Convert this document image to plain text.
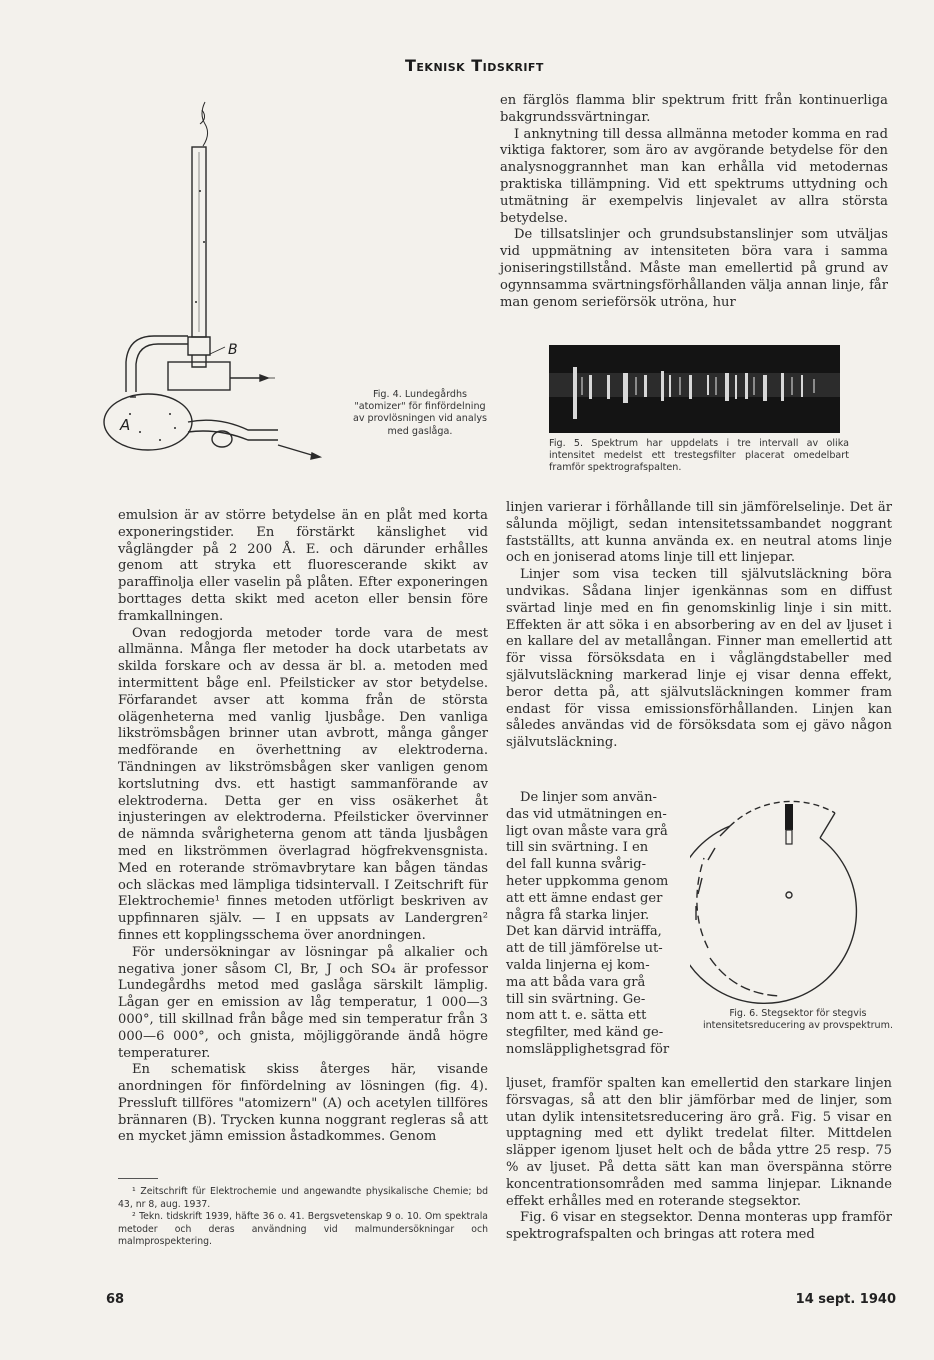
Teknisk Tidskrift

en färglös flamma blir spektrum fritt från kontinuerliga bakgrundssvärtningar.

I anknytning till dessa allmänna metoder komma en rad viktiga faktorer, som äro av avgörande betydelse för den analysnoggrannhet man kan erhålla vid metodernas praktiska tillämpning. Vid ett spektrums uttydning och utmätning är exempelvis linjevalet av allra största betydelse.

De tillsatslinjer och grundsubstanslinjer som utväljas vid uppmätning av intensiteten böra vara i samma joniseringstillstånd. Måste man emellertid på grund av ogynnsamma svärtningsförhållanden välja annan linje, får man genom serieförsök utröna, hur

B
A
Fig. 4. Lundegårdhs "atomizer" för finfördelning av provlösningen vid analys med gaslåga.
Fig. 5. Spektrum har uppdelats i tre intervall av olika intensitet medelst ett trestegsfilter placerat omedelbart framför spektrografspalten.

emulsion är av större betydelse än en plåt med korta exponeringstider. En förstärkt känslighet vid våglängder på 2 200 Å. E. och därunder erhålles genom att stryka ett fluorescerande skikt av paraffinolja eller vaselin på plåten. Efter exponeringen borttages detta skikt med aceton eller bensin före framkallningen.

Ovan redogjorda metoder torde vara de mest allmänna. Många fler metoder ha dock utarbetats av skilda forskare och av dessa är bl. a. metoden med intermittent båge enl. Pfeilsticker av stor betydelse. Förfarandet avser att komma från de största olägenheterna med vanlig ljusbåge. Den vanliga likströmsbågen brinner utan avbrott, många gånger medförande en överhettning av elektroderna. Tändningen av likströmsbågen sker vanligen genom kortslutning dvs. ett hastigt sammanförande av elektroderna. Detta ger en viss osäkerhet åt injusteringen av elektroderna. Pfeilsticker övervinner de nämnda svårigheterna genom att tända ljusbågen med en likströmmen överlagrad högfrekvensgnista. Med en roterande strömavbrytare kan bågen tändas och släckas med lämpliga tidsintervall. I Zeitschrift für Elektrochemie¹ finnes metoden utförligt beskriven av uppfinnaren själv. — I en uppsats av Landergren² finnes ett kopplingsschema över anordningen.

För undersökningar av lösningar på alkalier och negativa joner såsom Cl, Br, J och SO₄ är professor Lundegårdhs metod med gaslåga särskilt lämplig. Lågan ger en emission av låg temperatur, 1 000—3 000°, till skillnad från båge med sin temperatur från 3 000—6 000°, och gnista, möjliggörande ändå högre temperaturer.

En schematisk skiss återges här, visande anordningen för finfördelning av lösningen (fig. 4). Pressluft tillföres "atomizern" (A) och acetylen tillföres brännaren (B). Trycken kunna noggrant regleras så att en mycket jämn emission åstadkommes. Genom

¹ Zeitschrift für Elektrochemie und angewandte physikalische Chemie; bd 43, nr 8, aug. 1937.

² Tekn. tidskrift 1939, häfte 36 o. 41. Bergsvetenskap 9 o. 10. Om spektrala metoder och deras användning vid malmundersökningar och malmprospektering.

linjen varierar i förhållande till sin jämförelselinje. Det är sålunda möjligt, sedan intensitetssambandet noggrant fastställts, att kunna använda ex. en neutral atoms linje och en joniserad atoms linje till ett linjepar.

Linjer som visa tecken till självutsläckning böra undvikas. Sådana linjer igenkännas som en diffust svärtad linje med en fin genomskinlig linje i sin mitt. Effekten är att söka i en absorbering av en del av ljuset i en kallare del av metallångan. Finner man emellertid att för vissa försöksdata en i våglängdstabeller med självutsläckning markerad linje ej visar denna effekt, beror detta på, att självutsläckningen kommer fram endast för vissa emissionsförhållanden. Linjen kan således användas vid de försöksdata som ej gävo någon självutsläckning.

De linjer som använ-
das vid utmätningen en-
ligt ovan måste vara grå
till sin svärtning. I en
del fall kunna svårig-
heter uppkomma genom
att ett ämne endast ger
några få starka linjer.
Det kan därvid inträffa,
att de till jämförelse ut-
valda linjerna ej kom-
ma att båda vara grå
till sin svärtning. Ge-
nom att t. e. sätta ett
stegfilter, med känd ge-
nomsläpplighetsgrad för
Fig. 6. Stegsektor för stegvis intensitetsreducering av provspektrum.

ljuset, framför spalten kan emellertid den starkare linjen försvagas, så att den blir jämförbar med de linjer, som utan dylik intensitetsreducering äro grå. Fig. 5 visar en upptagning med ett dylikt tredelat filter. Mittdelen släpper igenom ljuset helt och de båda yttre 25 resp. 75 % av ljuset. På detta sätt kan man överspänna större koncentrationsområden med samma linjepar. Liknande effekt erhålles med en roterande stegsektor.

Fig. 6 visar en stegsektor. Denna monteras upp framför spektrografspalten och bringas att rotera med

68	14 sept. 1940
